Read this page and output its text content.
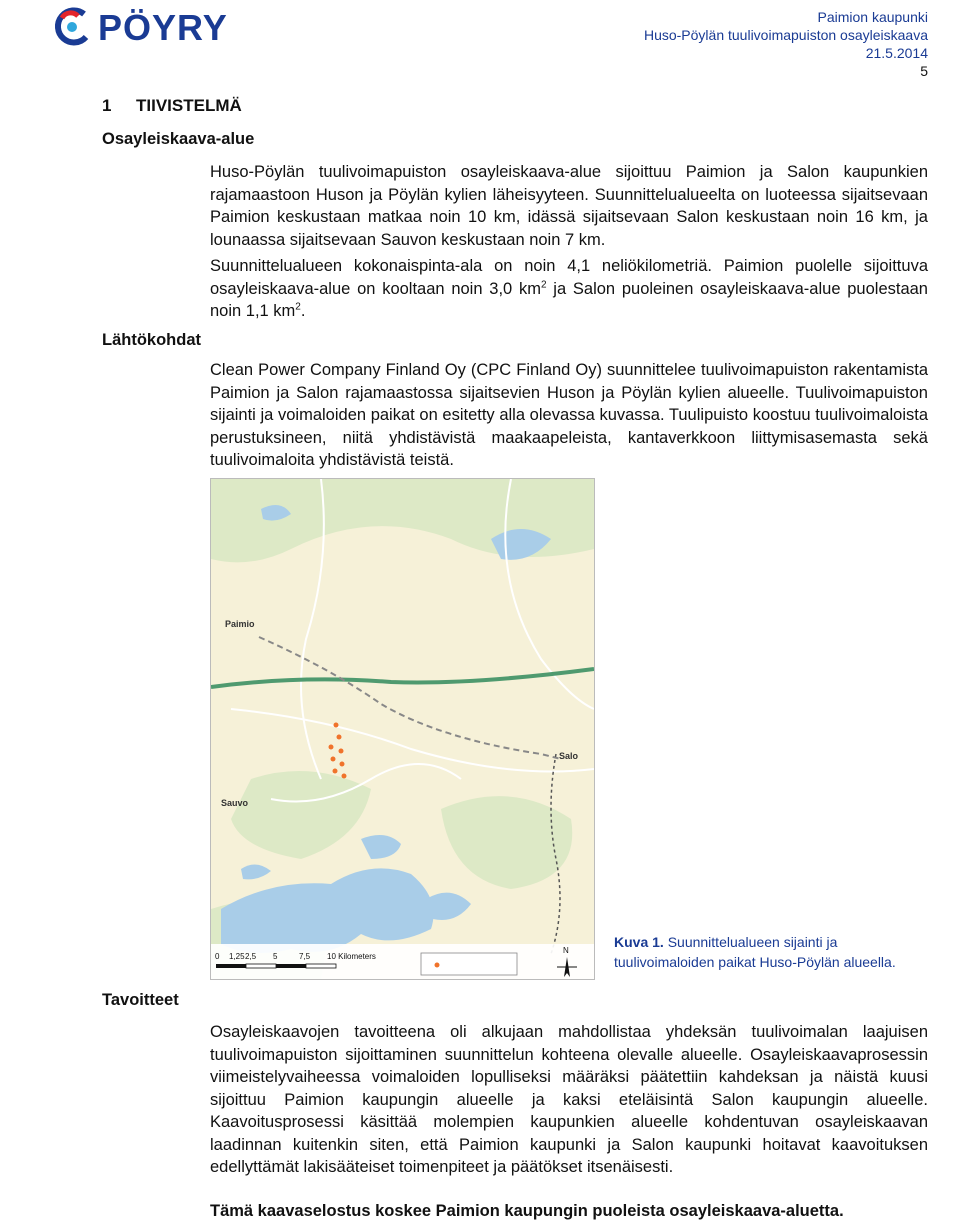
PÖYRY	Paimion kaupunki
Huso-Pöylän tuulivoimapuiston osayleiskaava
21.5.2014
5
1 TIIVISTELMÄ
Osayleiskaava-alue
Lähtökohdat
Tavoitteet
Huso-Pöylän tuulivoimapuiston osayleiskaava-alue sijoittuu Paimion ja Salon kaupunkien rajamaastoon Huson ja Pöylän kylien läheisyyteen. Suunnittelualueelta on luoteessa sijaitsevaan Paimion keskustaan matkaa noin 10 km, idässä sijaitsevaan Salon keskustaan noin 16 km, ja lounaassa sijaitsevaan Sauvon keskustaan noin 7 km.
Suunnittelualueen kokonaispinta-ala on noin 4,1 neliökilometriä. Paimion puolelle sijoittuva osayleiskaava-alue on kooltaan noin 3,0 $km^2$ ja Salon puoleinen osayleiskaava-alue puolestaan noin 1,1 $km^2$.
Clean Power Company Finland Oy (CPC Finland Oy) suunnittelee tuulivoimapuiston rakentamista Paimion ja Salon rajamaastossa sijaitsevien Huson ja Pöylän kylien alueelle. Tuulivoimapuiston sijainti ja voimaloiden paikat on esitetty alla olevassa kuvassa. Tuulipuisto koostuu tuulivoimaloista perustuksineen, niitä yhdistävistä maakaapeleista, kantaverkkoon liittymisasemasta sekä tuulivoimaloita yhdistävistä teistä.
Paimio
Salo
Sauvo
0 1,25 2,5 5	7,5 10 Kilometers
N
Kuva 1. Suunnittelualueen sijainti ja tuulivoimaloiden paikat Huso-Pöylän alueella.
Osayleiskaavojen tavoitteena oli alkujaan mahdollistaa yhdeksän tuulivoimalan laajuisen tuulivoimapuiston sijoittaminen suunnittelun kohteena olevalle alueelle. Osayleiskaavaprosessin viimeistelyvaiheessa voimaloiden lopulliseksi määräksi päätettiin kahdeksan ja näistä kuusi sijoittuu Paimion kaupungin alueelle ja kaksi eteläisintä Salon kaupungin alueelle. Kaavoitusprosessi käsittää molempien kaupunkien alueelle kohdentuvan osayleiskaavan laadinnan kuitenkin siten, että Paimion kaupunki ja Salon kaupunki hoitavat kaavoituksen edellyttämät lakisääteiset toimenpiteet ja päätökset itsenäisesti.
Tämä kaavaselostus koskee Paimion kaupungin puoleista osayleiskaava-aluetta.
